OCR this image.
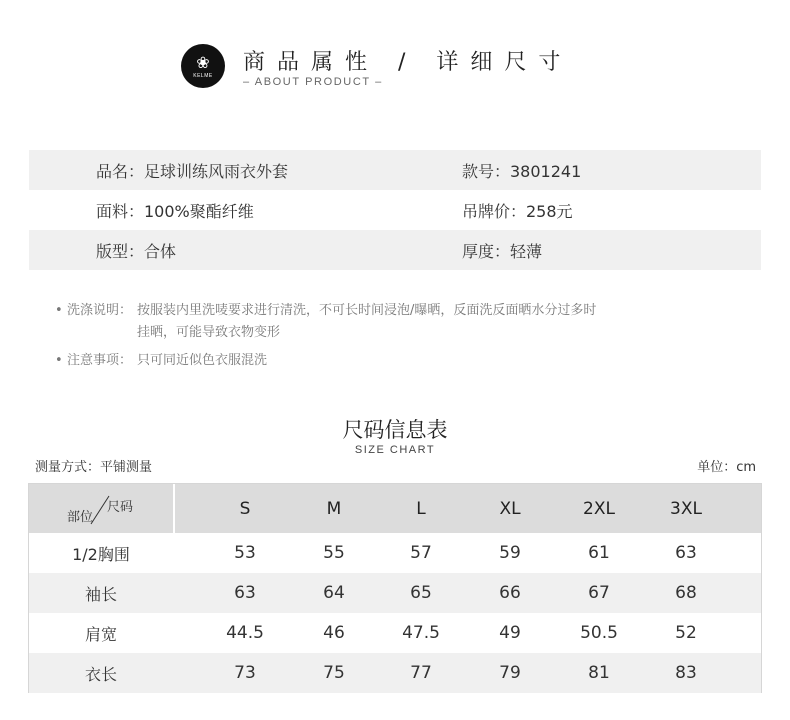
❀
KELME
商品属性 / 详细尺寸
– ABOUT PRODUCT –
品名：足球训练风雨衣外套	款号：3801241
面料：100%聚酯纤维	吊牌价：258元
版型：合体	厚度：轻薄
• 洗涤说明： 按服装内里洗唛要求进行清洗，不可长时间浸泡/曝晒，反面洗反面晒水分过多时挂晒，可能导致衣物变形
• 注意事项： 只可同近似色衣服混洗
尺码信息表
SIZE CHART
测量方式：平铺测量	单位：cm
尺码
部位	S	M	L	XL	2XL	3XL
1/2胸围	53	55	57	59	61	63
袖长	63	64	65	66	67	68
肩宽	44.5	46	47.5	49	50.5	52
衣长	73	75	77	79	81	83
